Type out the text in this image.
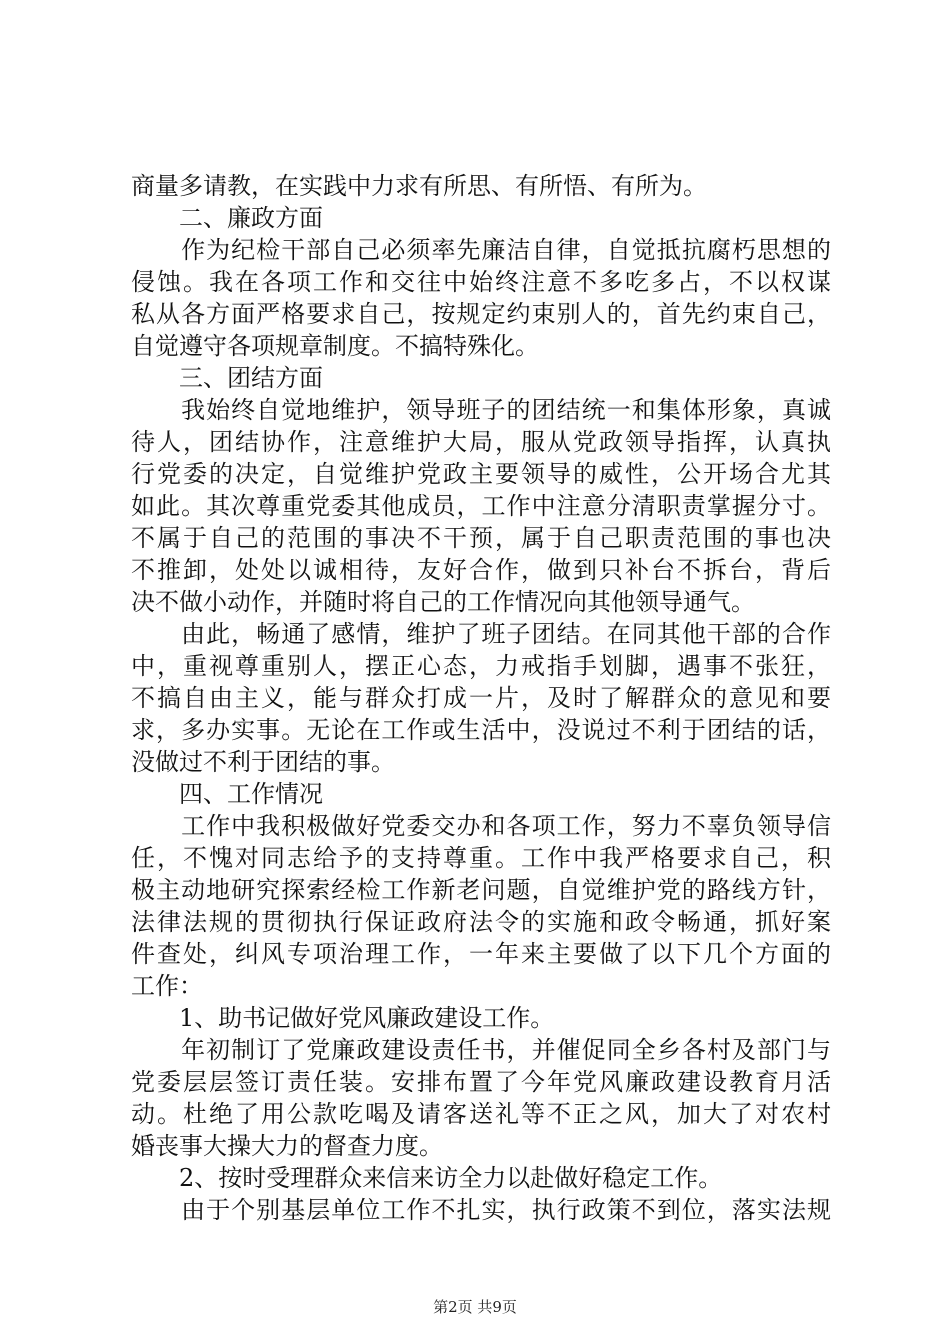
商量多请教，在实践中力求有所思、有所悟、有所为。
　　二、廉政方面
　　作为纪检干部自己必须率先廉洁自律，自觉抵抗腐朽思想的
侵蚀。我在各项工作和交往中始终注意不多吃多占，不以权谋
私从各方面严格要求自己，按规定约束别人的，首先约束自己，
自觉遵守各项规章制度。不搞特殊化。
　　三、团结方面
　　我始终自觉地维护，领导班子的团结统一和集体形象，真诚
待人，团结协作，注意维护大局，服从党政领导指挥，认真执
行党委的决定，自觉维护党政主要领导的威性，公开场合尤其
如此。其次尊重党委其他成员，工作中注意分清职责掌握分寸。
不属于自己的范围的事决不干预，属于自己职责范围的事也决
不推卸，处处以诚相待，友好合作，做到只补台不拆台，背后
决不做小动作，并随时将自己的工作情况向其他领导通气。
　　由此，畅通了感情，维护了班子团结。在同其他干部的合作
中，重视尊重别人，摆正心态，力戒指手划脚，遇事不张狂，
不搞自由主义，能与群众打成一片，及时了解群众的意见和要
求，多办实事。无论在工作或生活中，没说过不利于团结的话，
没做过不利于团结的事。
　　四、工作情况
　　工作中我积极做好党委交办和各项工作，努力不辜负领导信
任，不愧对同志给予的支持尊重。工作中我严格要求自己，积
极主动地研究探索经检工作新老问题，自觉维护党的路线方针，
法律法规的贯彻执行保证政府法令的实施和政令畅通，抓好案
件查处，纠风专项治理工作，一年来主要做了以下几个方面的
工作：
　　1、助书记做好党风廉政建设工作。
　　年初制订了党廉政建设责任书，并催促同全乡各村及部门与
党委层层签订责任装。安排布置了今年党风廉政建设教育月活
动。杜绝了用公款吃喝及请客送礼等不正之风，加大了对农村
婚丧事大操大力的督查力度。
　　2、按时受理群众来信来访全力以赴做好稳定工作。
　　由于个别基层单位工作不扎实，执行政策不到位，落实法规
第2页 共9页
